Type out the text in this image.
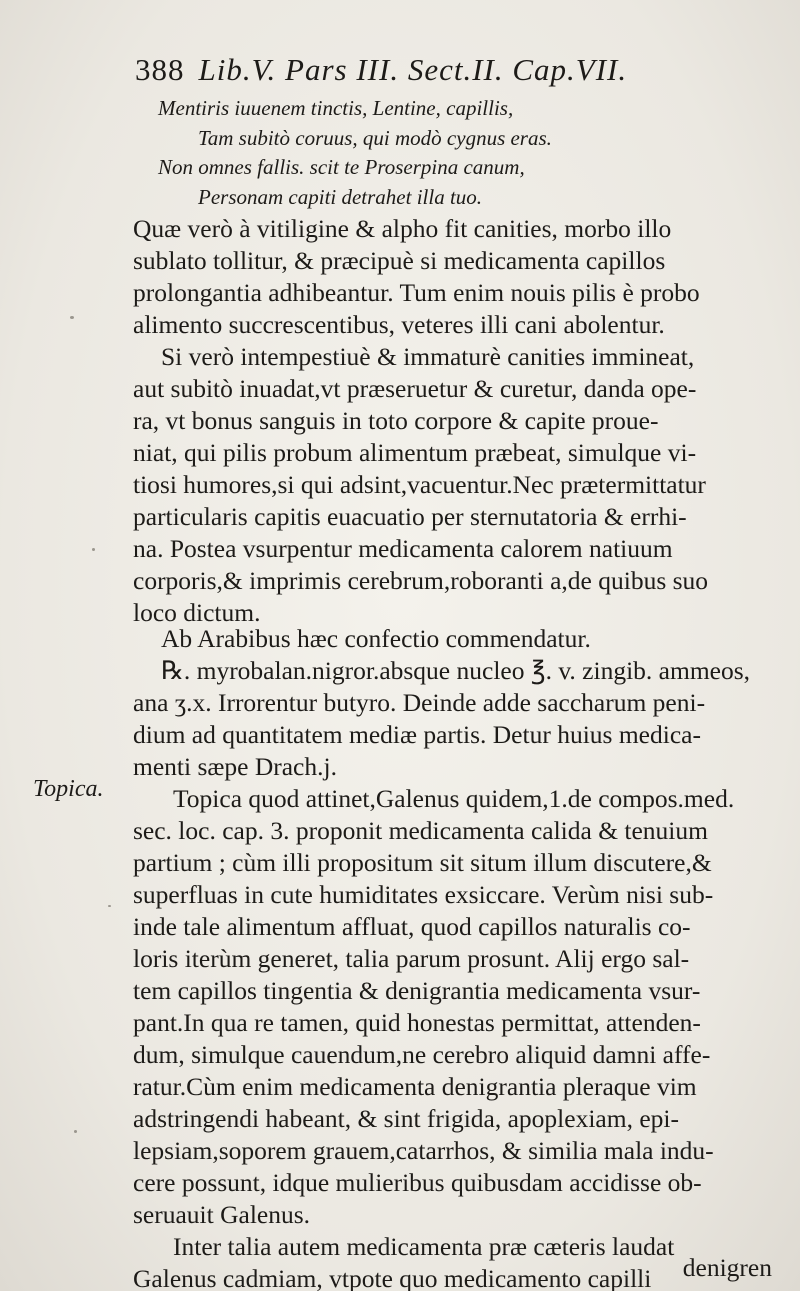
388 Lib.V. Pars III. Sect.II. Cap.VII.
Mentiris iuuenem tinctis, Lentine, capillis,
Tam subitò coruus, qui modò cygnus eras.
Non omnes fallis. scit te Proserpina canum,
Personam capiti detrahet illa tuo.
Quæ verò à vitiligine & alpho fit canities, morbo illo
sublato tollitur, & præcipuè si medicamenta capillos
prolongantia adhibeantur. Tum enim nouis pilis è probo
alimento succrescentibus, veteres illi cani abolentur.
Si verò intempestiuè & immaturè canities immineat,
aut subitò inuadat,vt præseruetur & curetur, danda ope-
ra, vt bonus sanguis in toto corpore & capite proue-
niat, qui pilis probum alimentum præbeat, simulque vi-
tiosi humores,si qui adsint,vacuentur.Nec prætermittatur
particularis capitis euacuatio per sternutatoria & errhi-
na. Postea vsurpentur medicamenta calorem natiuum
corporis,& imprimis cerebrum,roboranti a,de quibus suo
loco dictum.
Ab Arabibus hæc confectio commendatur.
℞. myrobalan.nigror.absque nucleo ℥. v. zingib. ammeos,
ana ʒ.x. Irrorentur butyro. Deinde adde saccharum peni-
dium ad quantitatem mediæ partis. Detur huius medica-
menti sæpe Drach.j.
Topica quod attinet,Galenus quidem,1.de compos.med.
sec. loc. cap. 3. proponit medicamenta calida & tenuium
partium ; cùm illi propositum sit situm illum discutere,&
superfluas in cute humiditates exsiccare. Verùm nisi sub-
inde tale alimentum affluat, quod capillos naturalis co-
loris iterùm generet, talia parum prosunt. Alij ergo sal-
tem capillos tingentia & denigrantia medicamenta vsur-
pant.In qua re tamen, quid honestas permittat, attenden-
dum, simulque cauendum,ne cerebro aliquid damni affe-
ratur.Cùm enim medicamenta denigrantia pleraque vim
adstringendi habeant, & sint frigida, apoplexiam, epi-
lepsiam,soporem grauem,catarrhos, & similia mala indu-
cere possunt, idque mulieribus quibusdam accidisse ob-
seruauit Galenus.
Inter talia autem medicamenta præ cæteris laudat
Galenus cadmiam, vtpote quo medicamento capilli
Topica.
denigren
